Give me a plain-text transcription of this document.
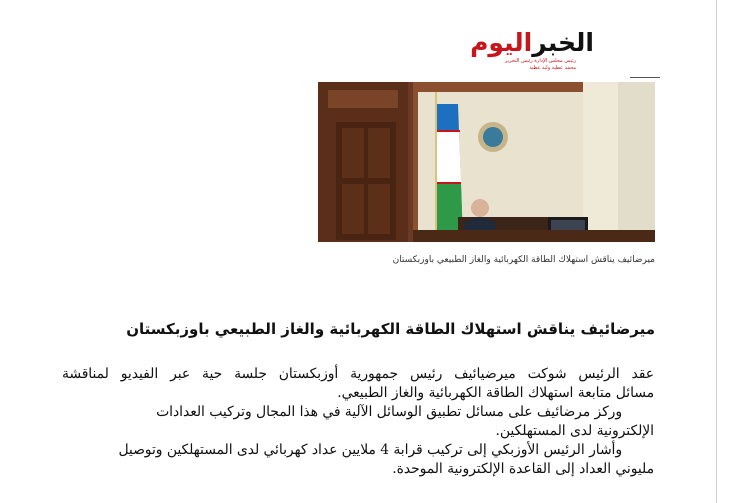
الخبراليوم
رئيس مجلس الإدارة رئيس التحرير
محمد عطية وليد عطية
ميرضائيف يناقش استهلاك الطاقة الكهربائية والغاز الطبيعي باوزبكستان
ميرضائيف يناقش استهلاك الطاقة الكهربائية والغاز الطبيعي باوزبكستان
عقد الرئيس شوكت ميرضيائيف رئيس جمهورية أوزبكستان جلسة حية عبر الفيديو لمناقشة
مسائل متابعة استهلاك الطاقة الكهربائية والغاز الطبيعي.
وركز مرضائيف على مسائل تطبيق الوسائل الآلية في هذا المجال وتركيب العدادات
الإلكترونية لدى المستهلكين.
وأشار الرئيس الأوزبكي إلى تركيب قرابة 4 ملايين عداد كهربائي لدى المستهلكين وتوصيل
مليوني العداد إلى القاعدة الإلكترونية الموحدة.
